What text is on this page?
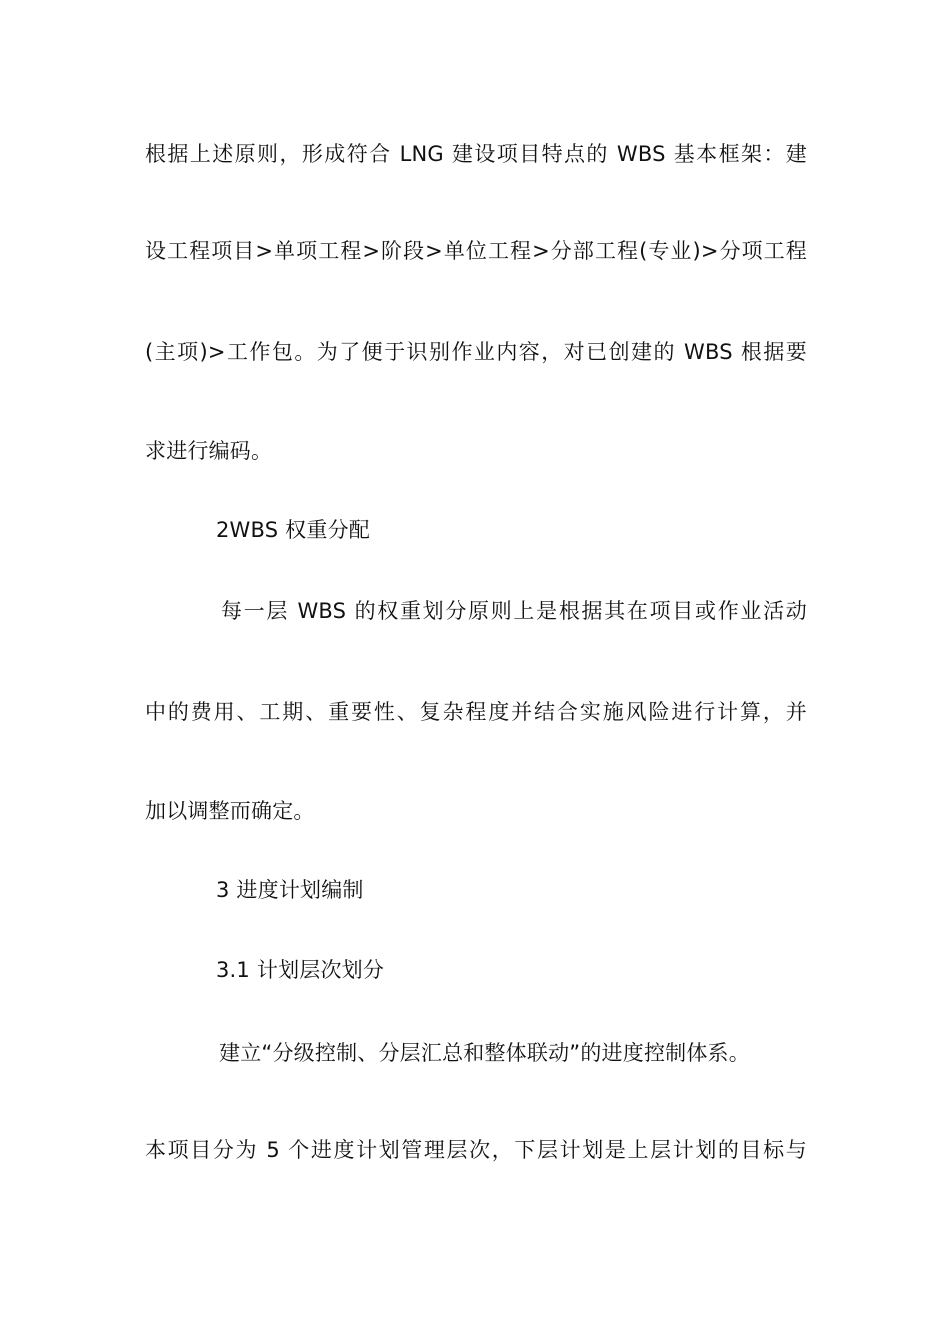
根据上述原则，形成符合 LNG 建设项目特点的 WBS 基本框架：建
设工程项目>单项工程>阶段>单位工程>分部工程(专业)>分项工程
(主项)>工作包。为了便于识别作业内容，对已创建的 WBS 根据要
求进行编码。
2WBS 权重分配
每一层 WBS 的权重划分原则上是根据其在项目或作业活动
中的费用、工期、重要性、复杂程度并结合实施风险进行计算，并
加以调整而确定。
3 进度计划编制
3.1 计划层次划分
建立“分级控制、分层汇总和整体联动”的进度控制体系。
本项目分为 5 个进度计划管理层次，下层计划是上层计划的目标与
